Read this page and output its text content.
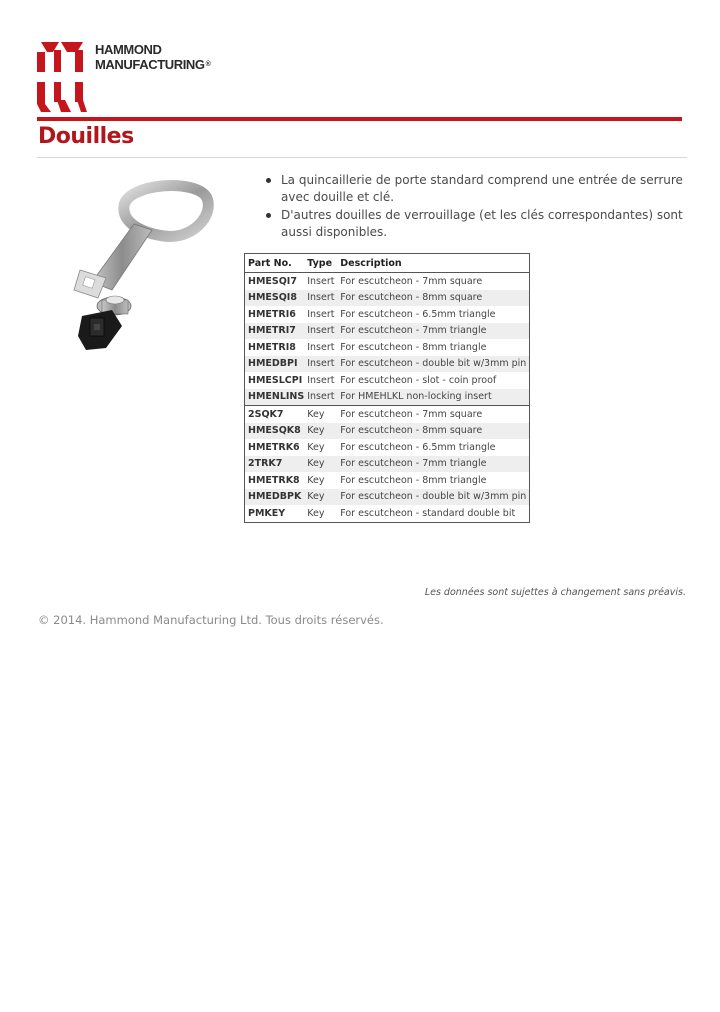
HAMMOND
MANUFACTURING®
Douilles
La quincaillerie de porte standard comprend une entrée de serrure avec douille et clé.
D'autres douilles de verrouillage (et les clés correspondantes) sont aussi disponibles.
Part No.	Type	Description
HMESQI7	Insert	For escutcheon - 7mm square
HMESQI8	Insert	For escutcheon - 8mm square
HMETRI6	Insert	For escutcheon - 6.5mm triangle
HMETRI7	Insert	For escutcheon - 7mm triangle
HMETRI8	Insert	For escutcheon - 8mm triangle
HMEDBPI	Insert	For escutcheon - double bit w/3mm pin
HMESLCPI	Insert	For escutcheon - slot - coin proof
HMENLINS	Insert	For HMEHLKL non-locking insert
2SQK7	Key	For escutcheon - 7mm square
HMESQK8	Key	For escutcheon - 8mm square
HMETRK6	Key	For escutcheon - 6.5mm triangle
2TRK7	Key	For escutcheon - 7mm triangle
HMETRK8	Key	For escutcheon - 8mm triangle
HMEDBPK	Key	For escutcheon - double bit w/3mm pin
PMKEY	Key	For escutcheon - standard double bit
Les données sont sujettes à changement sans préavis.
© 2014. Hammond Manufacturing Ltd. Tous droits réservés.
